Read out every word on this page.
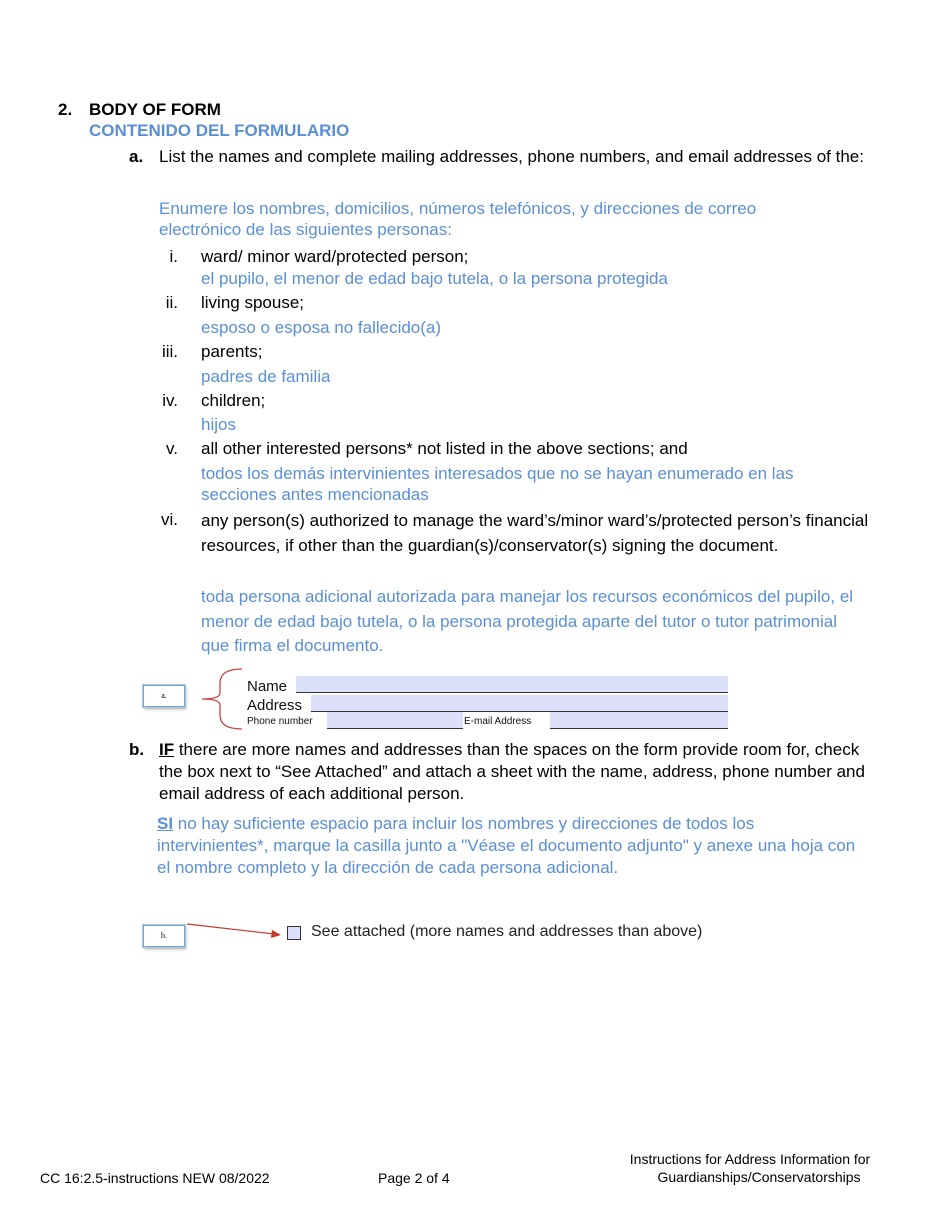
2. BODY OF FORM
CONTENIDO DEL FORMULARIO
a. List the names and complete mailing addresses, phone numbers, and email addresses of the:
Enumere los nombres, domicilios, números telefónicos, y direcciones de correo electrónico de las siguientes personas:
i. ward/ minor ward/protected person;
el pupilo, el menor de edad bajo tutela, o la persona protegida
ii. living spouse;
esposo o esposa no fallecido(a)
iii. parents;
padres de familia
iv. children;
hijos
v. all other interested persons* not listed in the above sections; and
todos los demás intervinientes interesados que no se hayan enumerado en las secciones antes mencionadas
vi. any person(s) authorized to manage the ward’s/minor ward’s/protected person’s financial resources, if other than the guardian(s)/conservator(s) signing the document.
toda persona adicional autorizada para manejar los recursos económicos del pupilo, el menor de edad bajo tutela, o la persona protegida aparte del tutor o tutor patrimonial que firma el documento.
a.
Name
Address
Phone number	E-mail Address
b. IF there are more names and addresses than the spaces on the form provide room for, check the box next to “See Attached” and attach a sheet with the name, address, phone number and email address of each additional person.
SI no hay suficiente espacio para incluir los nombres y direcciones de todos los intervinientes*, marque la casilla junto a "Véase el documento adjunto" y anexe una hoja con el nombre completo y la dirección de cada persona adicional.
b.	See attached (more names and addresses than above)
CC 16:2.5-instructions NEW 08/2022	Page 2 of 4
Instructions for Address Information for
Guardianships/Conservatorships
